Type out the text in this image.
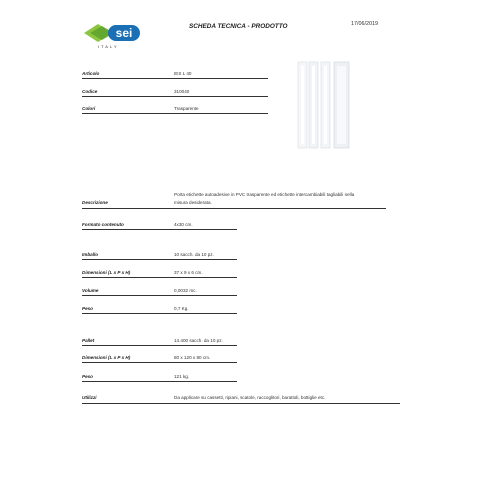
sei
ITALY
SCHEDA TECNICA - PRODOTTO	17/06/2019
Articolo	IES L 40
Codice	310040
Colori	Trasparente
Descrizione
Porta etichette autoadesive in PVC trasparente ed etichette intercambiabili tagliabili nella
misura desiderata.
Formato contenuto	4x30 cm.
Imballo	10 sacch. da 10 pz.
Dimensioni (L x P x H)	37 x 9 x 6 cm.
Volume	0,0032 mc.
Peso	0,7 Kg.
Pallet	14.400 sacch. da 10 pz.
Dimensioni (L x P x H)	80 x 120 x 80 cm.
Peso	121 kg.
Utilizzi	Da applicare su cassetti, ripiani, scatole, raccoglitori, barattoli, bottiglie etc.
